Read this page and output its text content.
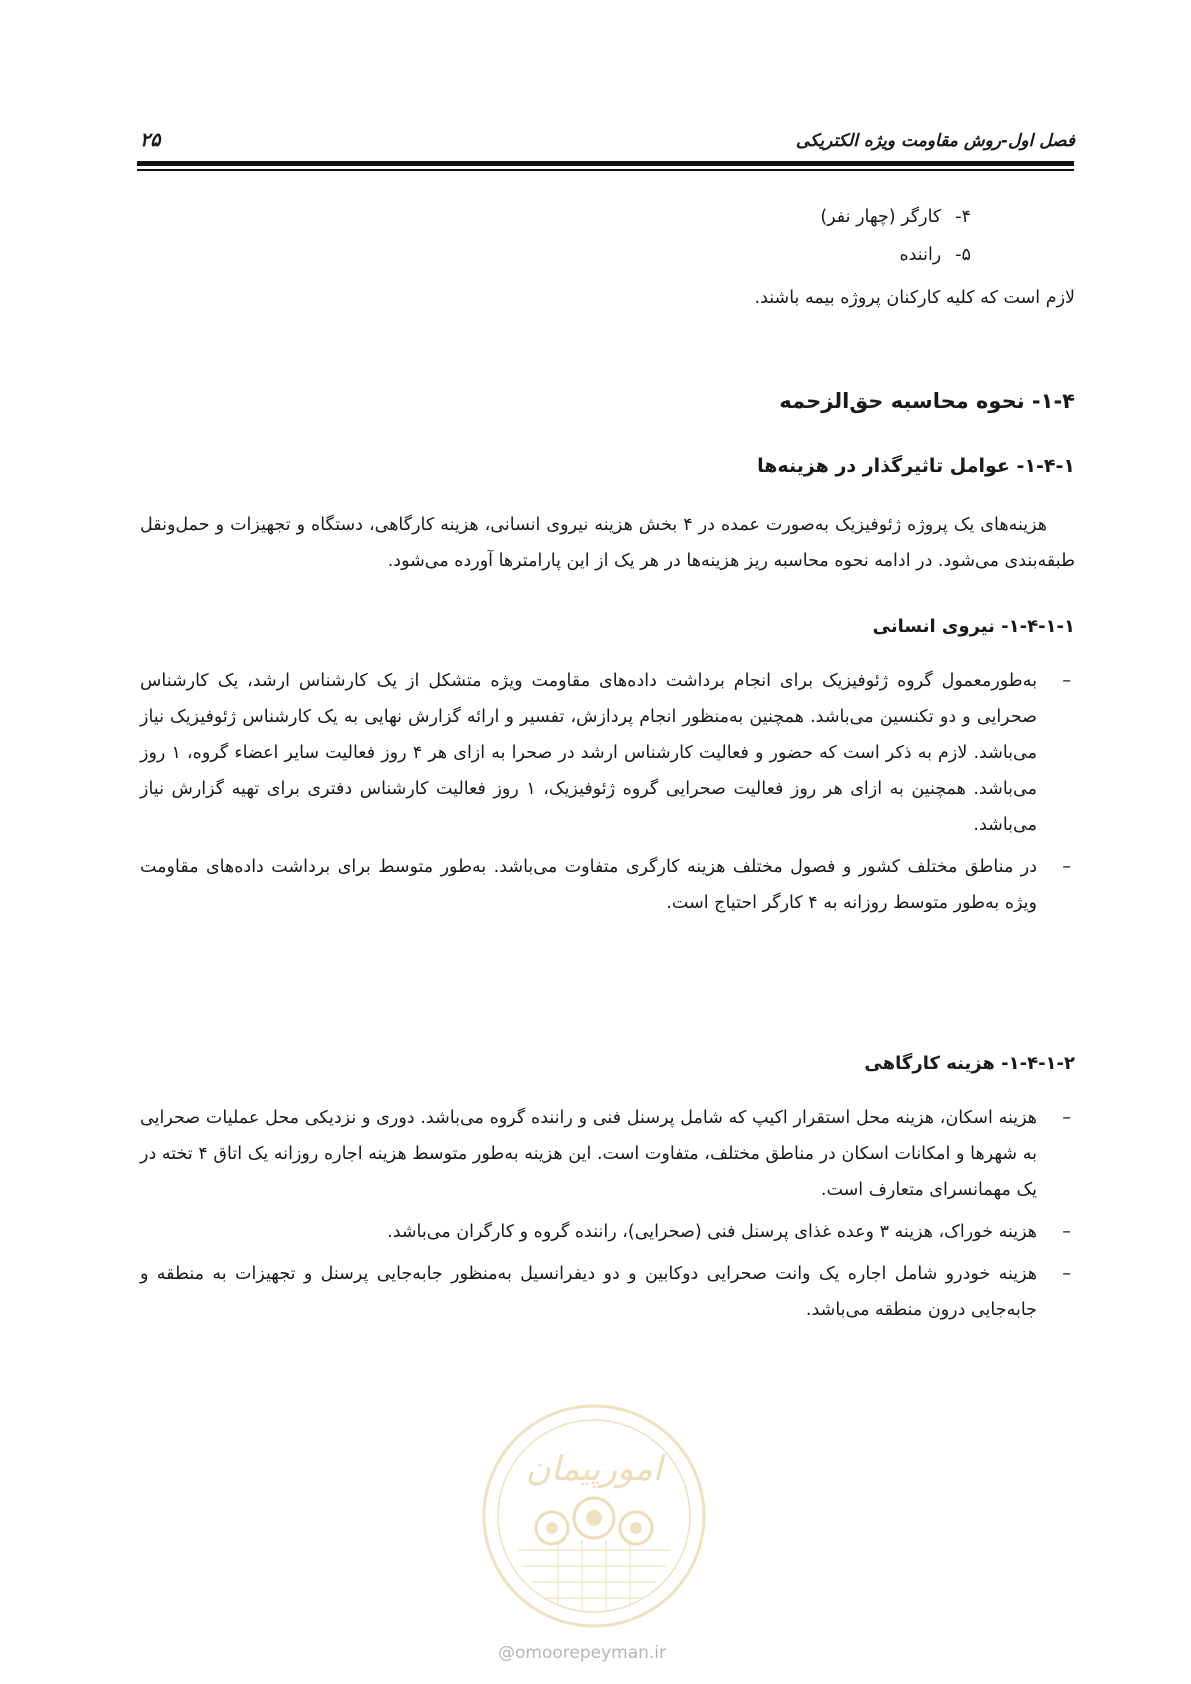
فصل اول-روش مقاومت ویژه الکتریکی
۲۵
۴-کارگر (چهار نفر)
۵-راننده
لازم است که کلیه کارکنان پروژه بیمه باشند.
۱-۴- نحوه محاسبه حق‌الزحمه
۱-۴-۱- عوامل تاثیرگذار در هزینه‌ها
هزینه‌های یک پروژه ژئوفیزیک به‌صورت عمده در ۴ بخش هزینه نیروی انسانی، هزینه کارگاهی، دستگاه و تجهیزات و حمل‌ونقل طبقه‌بندی می‌شود. در ادامه نحوه محاسبه ریز هزینه‌ها در هر یک از این پارامترها آورده می‌شود.
۱-۴-۱-۱- نیروی انسانی
–
به‌طورمعمول گروه ژئوفیزیک برای انجام برداشت داده‌های مقاومت ویژه متشکل از یک کارشناس ارشد، یک کارشناس صحرایی و دو تکنسین می‌باشد. همچنین به‌منظور انجام پردازش، تفسیر و ارائه گزارش نهایی به یک کارشناس ژئوفیزیک نیاز می‌باشد. لازم به ذکر است که حضور و فعالیت کارشناس ارشد در صحرا به ازای هر ۴ روز فعالیت سایر اعضاء گروه، ۱ روز می‌باشد. همچنین به ازای هر روز فعالیت صحرایی گروه ژئوفیزیک، ۱ روز فعالیت کارشناس دفتری برای تهیه گزارش نیاز می‌باشد.
–
در مناطق مختلف کشور و فصول مختلف هزینه کارگری متفاوت می‌باشد. به‌طور متوسط برای برداشت داده‌های مقاومت ویژه به‌طور متوسط روزانه به ۴ کارگر احتیاج است.
۱-۴-۱-۲- هزینه کارگاهی
–
هزینه اسکان، هزینه محل استقرار اکیپ که شامل پرسنل فنی و راننده گروه می‌باشد. دوری و نزدیکی محل عملیات صحرایی به شهرها و امکانات اسکان در مناطق مختلف، متفاوت است. این هزینه به‌طور متوسط هزینه اجاره روزانه یک اتاق ۴ تخته در یک مهمانسرای متعارف است.
–
هزینه خوراک، هزینه ۳ وعده غذای پرسنل فنی (صحرایی)، راننده گروه و کارگران می‌باشد.
–
هزینه خودرو شامل اجاره یک وانت صحرایی دوکابین و دو دیفرانسیل به‌منظور جابه‌جایی پرسنل و تجهیزات به منطقه و جابه‌جایی درون منطقه می‌باشد.
امورپیمان
@omoorepeyman.ir
